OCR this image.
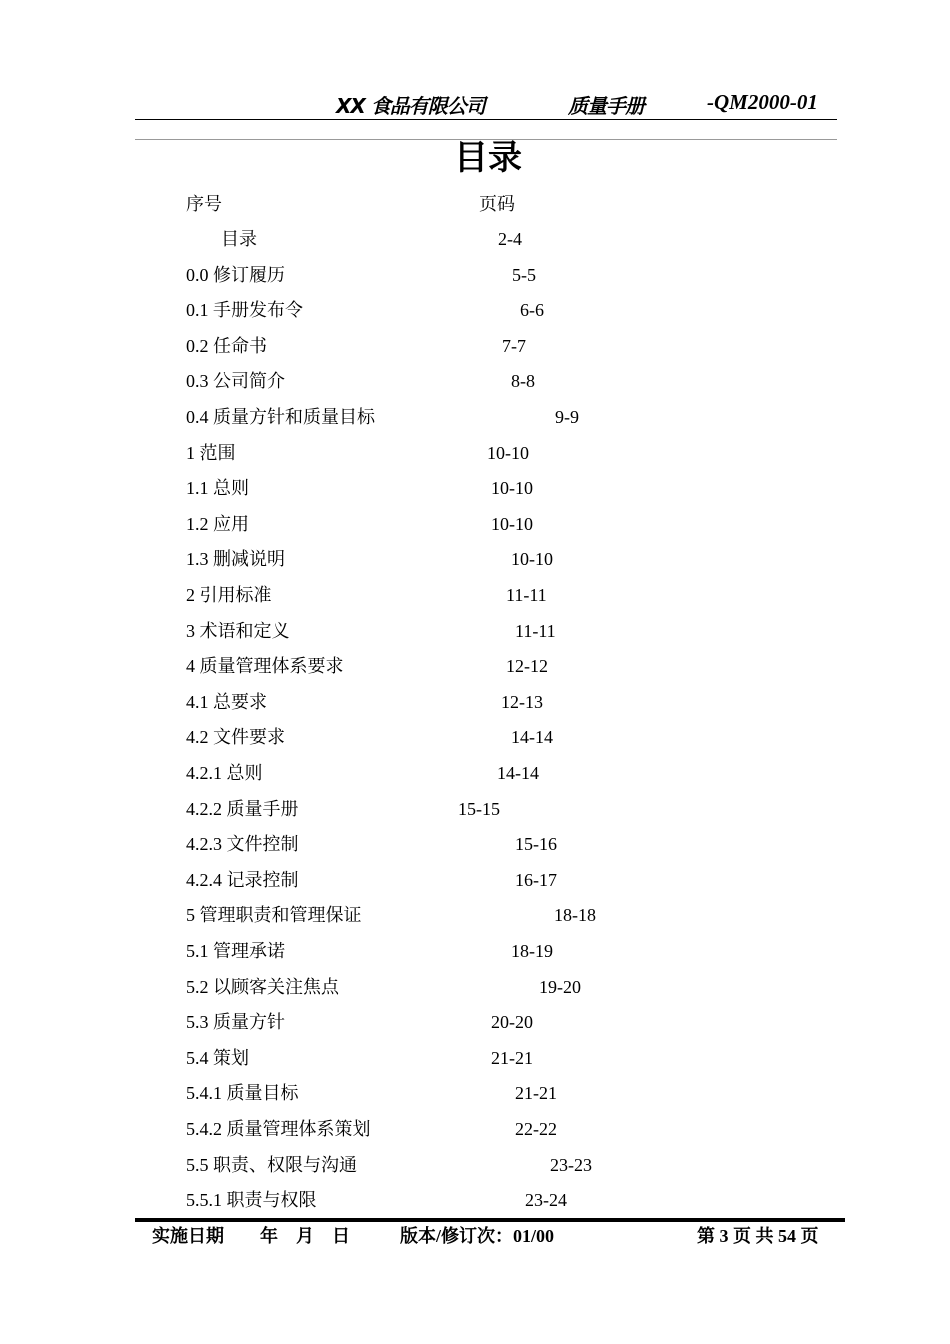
XX 食品有限公司	质量手册	-QM2000-01
目录
序号	页码
目录	2-4
0.0 修订履历	5-5
0.1 手册发布令	6-6
0.2 任命书	7-7
0.3 公司简介	8-8
0.4 质量方针和质量目标	9-9
1 范围	10-10
1.1 总则	10-10
1.2 应用	10-10
1.3 删减说明	10-10
2 引用标准	11-11
3 术语和定义	11-11
4 质量管理体系要求	12-12
4.1 总要求	12-13
4.2 文件要求	14-14
4.2.1 总则	14-14
4.2.2 质量手册	15-15
4.2.3 文件控制	15-16
4.2.4 记录控制	16-17
5 管理职责和管理保证	18-18
5.1 管理承诺	18-19
5.2 以顾客关注焦点	19-20
5.3 质量方针	20-20
5.4 策划	21-21
5.4.1 质量目标	21-21
5.4.2 质量管理体系策划	22-22
5.5 职责、权限与沟通	23-23
5.5.1 职责与权限	23-24
实施日期　　年　月　日	版本/修订次：01/00	第 3 页 共 54 页
